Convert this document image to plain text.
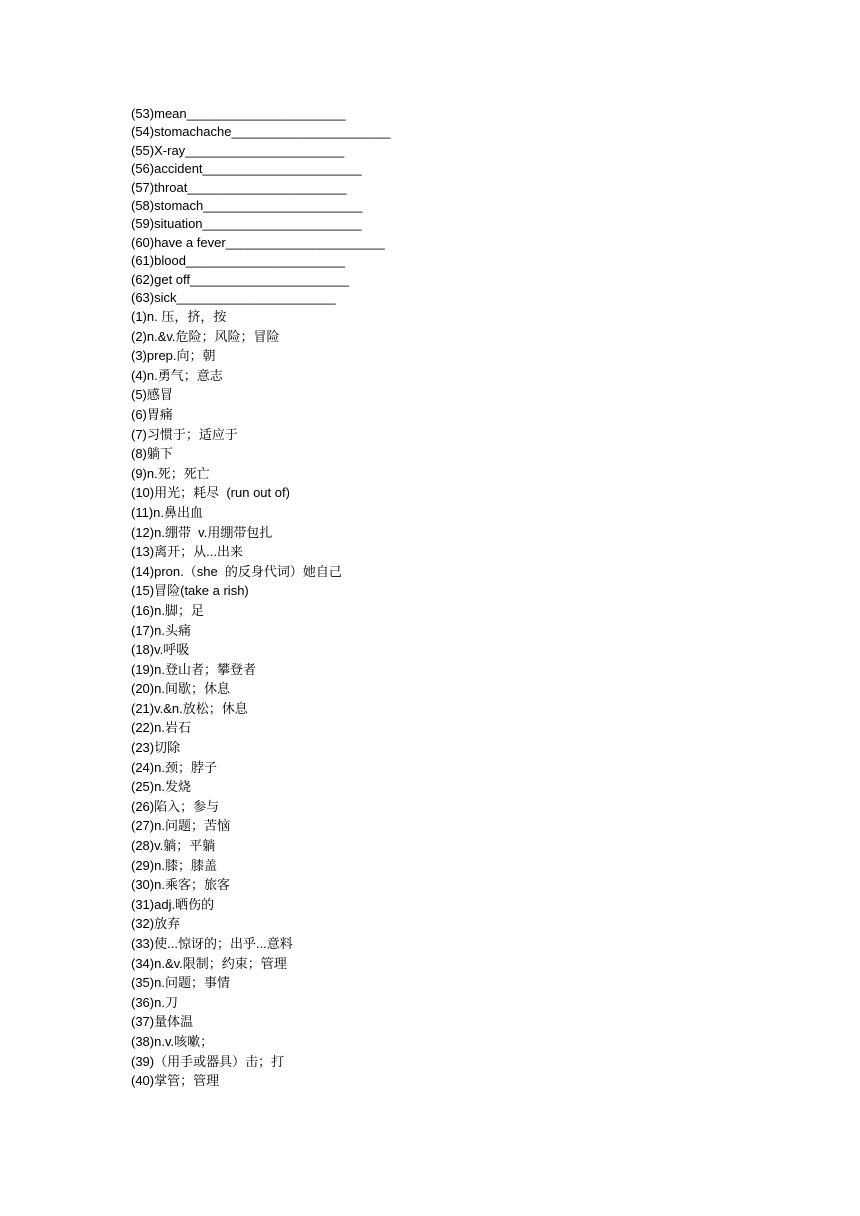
(53)mean______________________
(54)stomachache______________________
(55)X-ray______________________
(56)accident______________________
(57)throat______________________
(58)stomach______________________
(59)situation______________________
(60)have a fever______________________
(61)blood______________________
(62)get off______________________
(63)sick______________________
(1)n. 压，挤，按
(2)n.&v.危险；风险；冒险
(3)prep.向；朝
(4)n.勇气；意志
(5)感冒
(6)胃痛
(7)习惯于；适应于
(8)躺下
(9)n.死；死亡
(10)用光；耗尽  (run out of)
(11)n.鼻出血
(12)n.绷带  v.用绷带包扎
(13)离开；从...出来
(14)pron.（she  的反身代词）她自己
(15)冒险(take a rish)
(16)n.脚；足
(17)n.头痛
(18)v.呼吸
(19)n.登山者；攀登者
(20)n.间歇；休息
(21)v.&n.放松；休息
(22)n.岩石
(23)切除
(24)n.颈；脖子
(25)n.发烧
(26)陷入；参与
(27)n.问题；苦恼
(28)v.躺；平躺
(29)n.膝；膝盖
(30)n.乘客；旅客
(31)adj.晒伤的
(32)放弃
(33)使...惊讶的；出乎...意料
(34)n.&v.限制；约束；管理
(35)n.问题；事情
(36)n.刀
(37)量体温
(38)n.v.咳嗽；
(39)（用手或器具）击；打
(40)掌管；管理
